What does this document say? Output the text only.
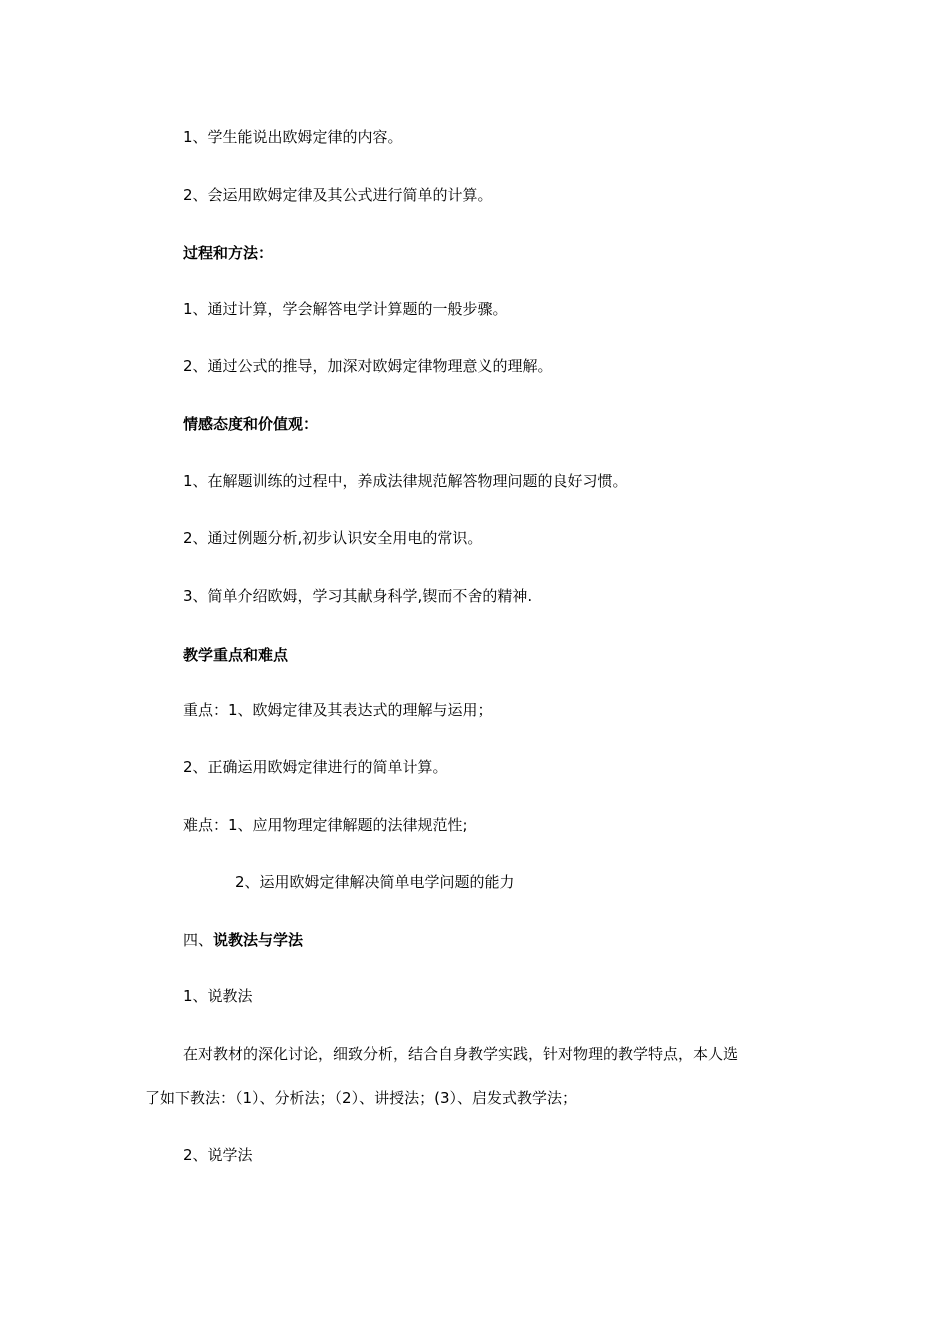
1、学生能说出欧姆定律的内容。
2、会运用欧姆定律及其公式进行简单的计算。
过程和方法：
1、通过计算，学会解答电学计算题的一般步骤。
2、通过公式的推导，加深对欧姆定律物理意义的理解。
情感态度和价值观：
1、在解题训练的过程中，养成法律规范解答物理问题的良好习惯。
2、通过例题分析,初步认识安全用电的常识。
3、简单介绍欧姆，学习其献身科学,锲而不舍的精神.
教学重点和难点
重点：1、欧姆定律及其表达式的理解与运用；
2、正确运用欧姆定律进行的简单计算。
难点：1、应用物理定律解题的法律规范性;
2、运用欧姆定律解决简单电学问题的能力
四、说教法与学法
1、说教法
在对教材的深化讨论，细致分析，结合自身教学实践，针对物理的教学特点，本人选
了如下教法：（1）、分析法；（2）、讲授法；(3）、启发式教学法；
2、说学法
